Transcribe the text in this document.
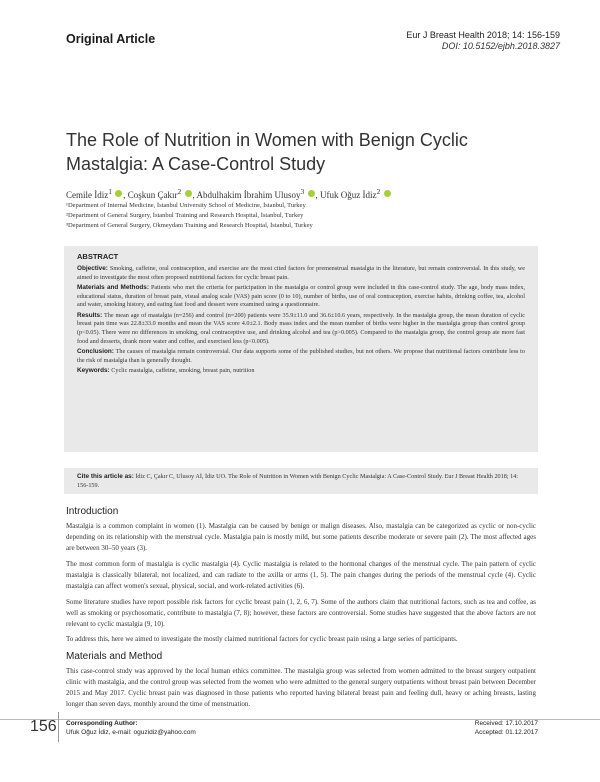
Original Article	Eur J Breast Health 2018; 14: 156-159
DOI: 10.5152/ejbh.2018.3827
The Role of Nutrition in Women with Benign Cyclic Mastalgia: A Case-Control Study
Cemile İdiz$^1$ , Coşkun Çakır$^2$ , Abdulhakim İbrahim Ulusoy$^3$ , Ufuk Oğuz İdiz$^2$
¹Department of Internal Medicine, İstanbul University School of Medicine, İstanbul, Turkey
²Department of General Surgery, İstanbul Training and Research Hospital, İstanbul, Turkey
³Department of General Surgery, Okmeydanı Training and Research Hospital, İstanbul, Turkey
ABSTRACT

Objective: Smoking, caffeine, oral contraception, and exercise are the most cited factors for premenstrual mastalgia in the literature, but remain controversial. In this study, we aimed to investigate the most often proposed nutritional factors for cyclic breast pain.

Materials and Methods: Patients who met the criteria for participation in the mastalgia or control group were included in this case-control study. The age, body mass index, educational status, duration of breast pain, visual analog scale (VAS) pain score (0 to 10), number of births, use of oral contraception, exercise habits, drinking coffee, tea, alcohol and water, smoking history, and eating fast food and dessert were examined using a questionnaire.

Results: The mean age of mastalgia (n=256) and control (n=200) patients were 35.9±11.0 and 36.6±10.6 years, respectively. In the mastalgia group, the mean duration of cyclic breast pain time was 22.8±33.0 months and mean the VAS score 4.0±2.1. Body mass index and the mean number of births were higher in the mastalgia group than control group (p<0.05). There were no differences in smoking, oral contraceptive use, and drinking alcohol and tea (p>0.005). Compared to the mastalgia group, the control group ate more fast food and desserts, drank more water and coffee, and exercised less (p<0.005).

Conclusion: The causes of mastalgia remain controversial. Our data supports some of the published studies, but not others. We propose that nutritional factors contribute less to the risk of mastalgia than is generally thought.

Keywords: Cyclic mastalgia, caffeine, smoking, breast pain, nutrition

Cite this article as: İdiz C, Çakır C, Ulusoy Aİ, İdiz UO. The Role of Nutrition in Women with Benign Cyclic Mastalgia: A Case-Control Study. Eur J Breast Health 2018; 14: 156-159.

Introduction

Mastalgia is a common complaint in women (1). Mastalgia can be caused by benign or malign diseases. Also, mastalgia can be categorized as cyclic or non-cyclic depending on its relationship with the menstrual cycle. Mastalgia pain is mostly mild, but some patients describe moderate or severe pain (2). The most affected ages are between 30–50 years (3).

The most common form of mastalgia is cyclic mastalgia (4). Cyclic mastalgia is related to the hormonal changes of the menstrual cycle. The pain pattern of cyclic mastalgia is classically bilateral, not localized, and can radiate to the axilla or arms (1, 5). The pain changes during the periods of the menstrual cycle (4). Cyclic mastalgia can affect women's sexual, physical, social, and work-related activities (6).

Some literature studies have report possible risk factors for cyclic breast pain (1, 2, 6, 7). Some of the authors claim that nutritional factors, such as tea and coffee, as well as smoking or psychosomatic, contribute to mastalgia (7, 8); however, these factors are controversial. Some studies have suggested that the above factors are not relevant to cyclic mastalgia (9, 10).

To address this, here we aimed to investigate the mostly claimed nutritional factors for cyclic breast pain using a large series of participants.

Materials and Method

This case-control study was approved by the local human ethics committee. The mastalgia group was selected from women admitted to the breast surgery outpatient clinic with mastalgia, and the control group was selected from the women who were admitted to the general surgery outpatients without breast pain between December 2015 and May 2017. Cyclic breast pain was diagnosed in those patients who reported having bilateral breast pain and feeling dull, heavy or aching breasts, lasting longer than seven days, monthly around the time of menstruation.

156 Corresponding Author:
Ufuk Oğuz İdiz, e-mail: oguzidiz@yahoo.com
Received: 17.10.2017
Accepted: 01.12.2017
